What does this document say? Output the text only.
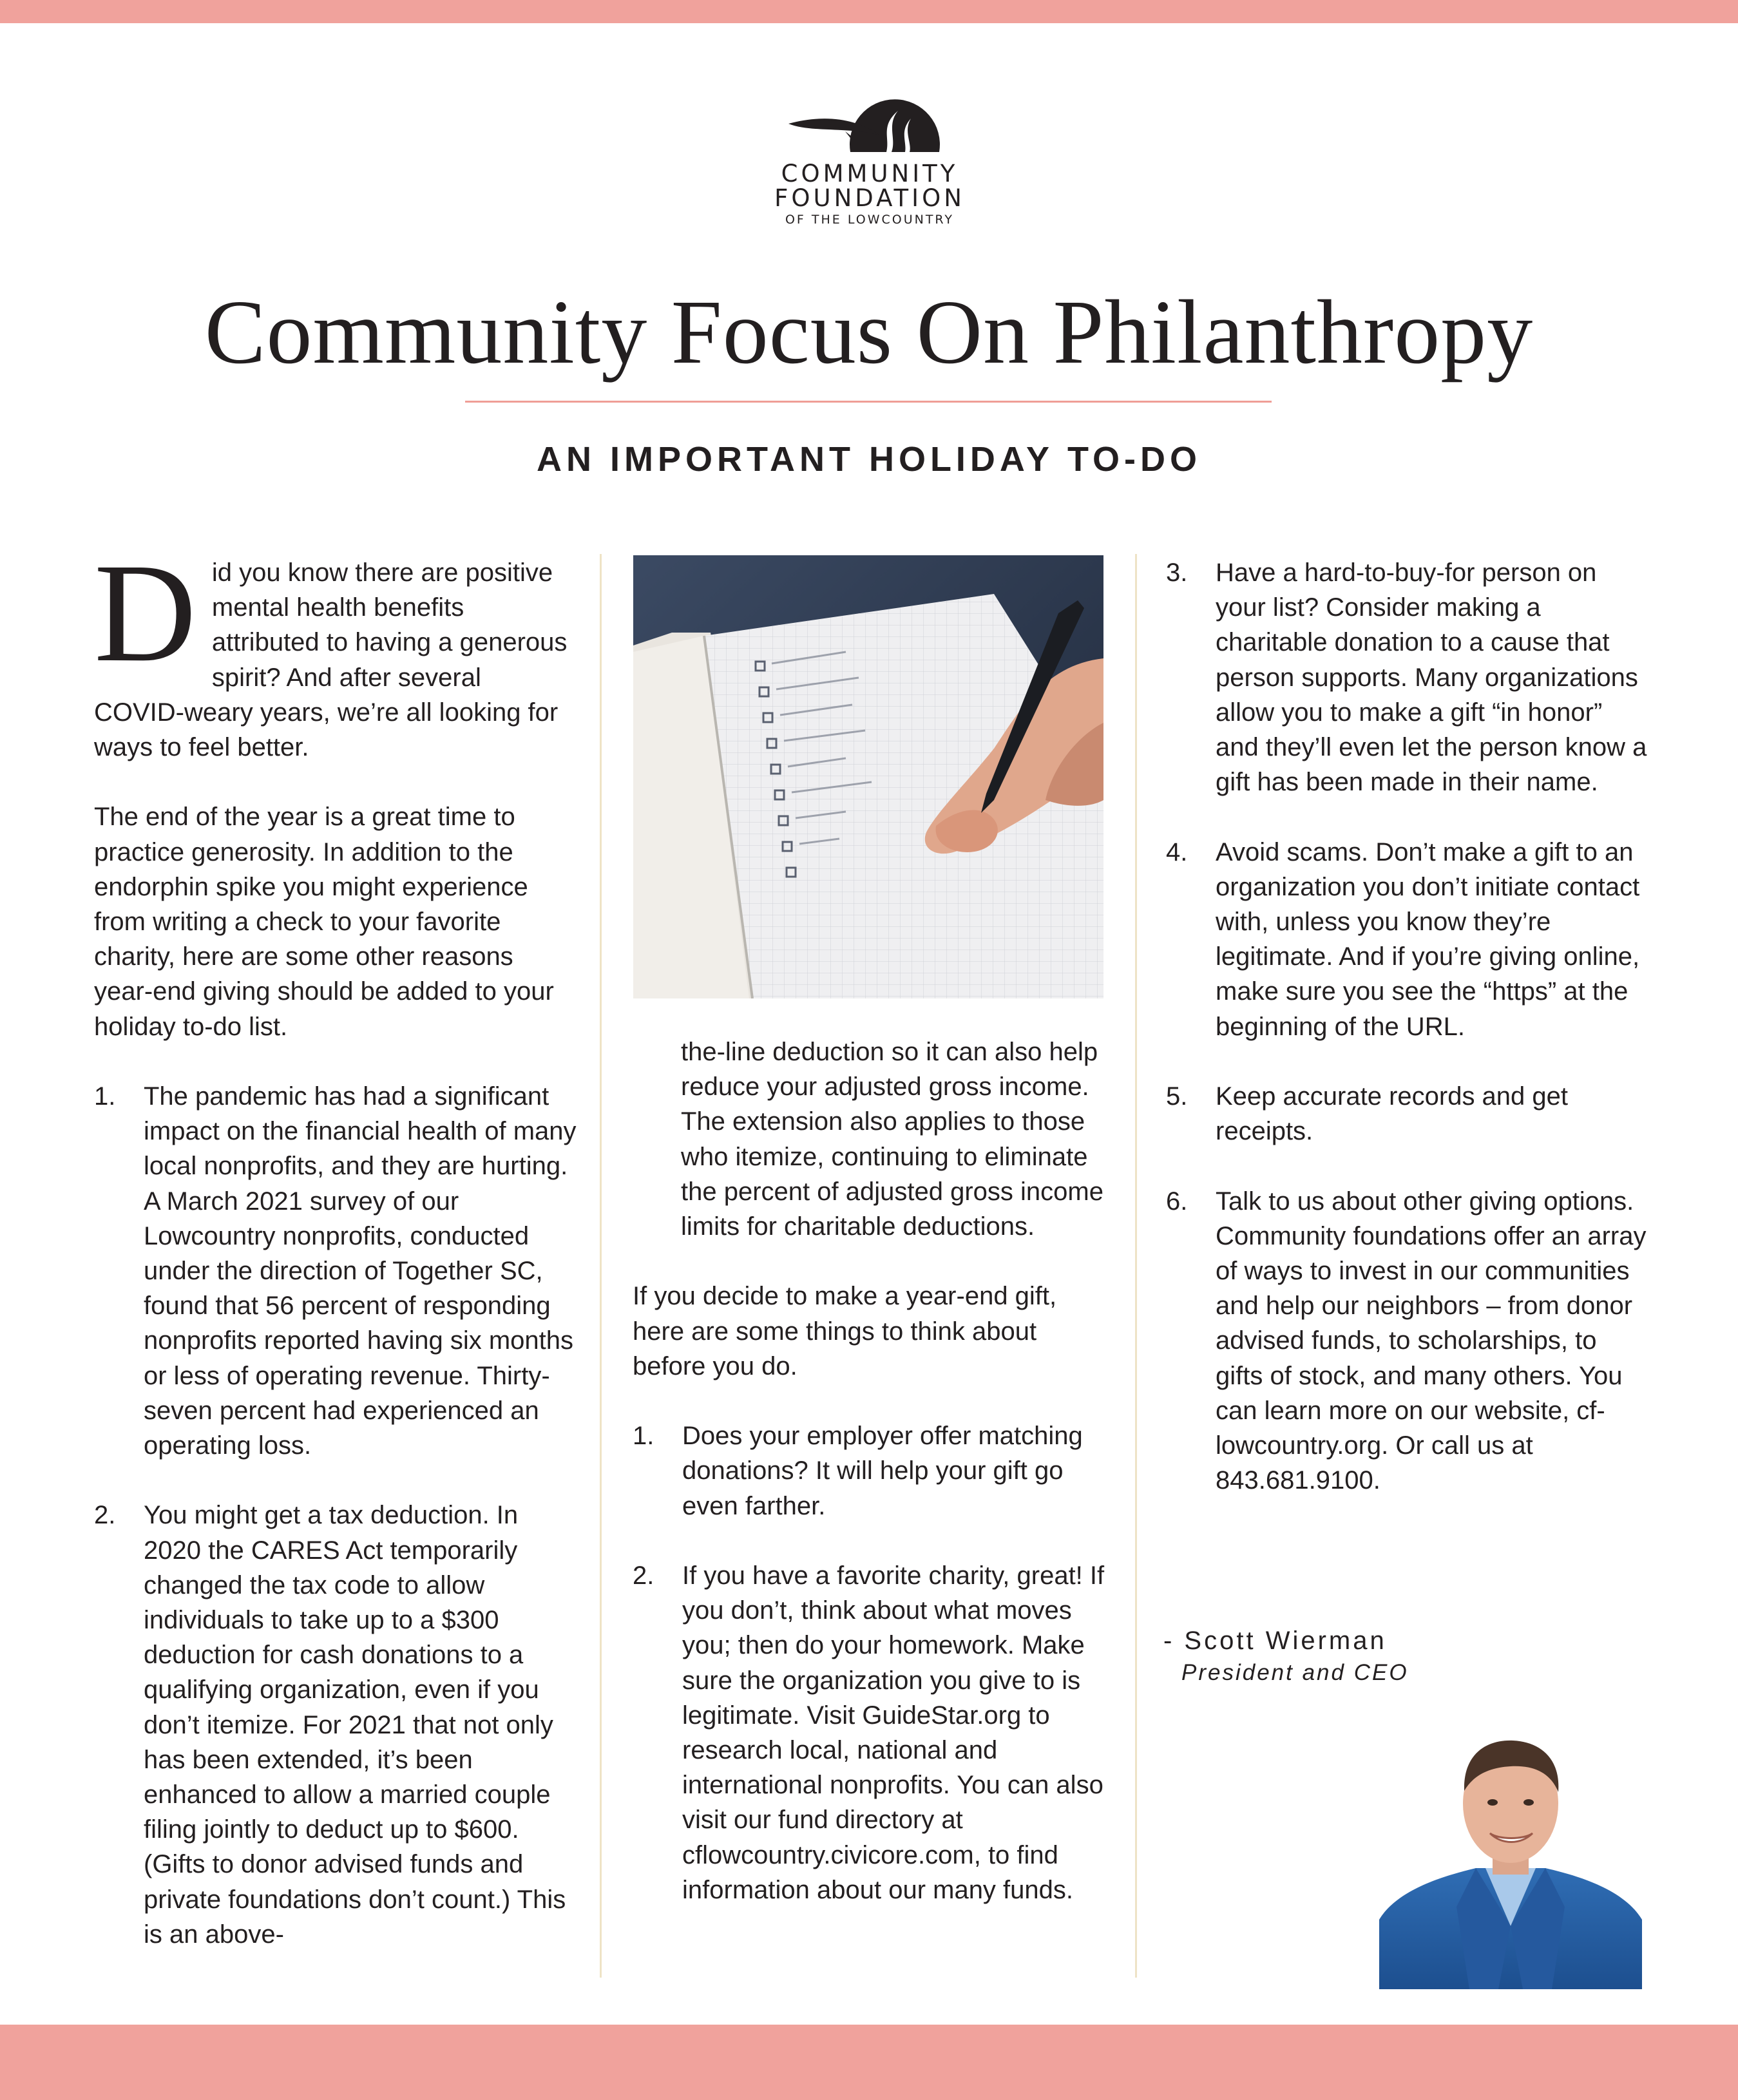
COMMUNITY
FOUNDATION
OF THE LOWCOUNTRY
Community Focus On Philanthropy
AN IMPORTANT HOLIDAY TO-DO

Did you know there are positive mental health benefits attributed to having a generous spirit? And after several COVID-weary years, we’re all looking for ways to feel better.

The end of the year is a great time to practice generosity. In addition to the endorphin spike you might experience from writing a check to your favorite charity, here are some other reasons year-end giving should be added to your holiday to-do list.

1. The pandemic has had a significant impact on the financial health of many local nonprofits, and they are hurting. A March 2021 survey of our Lowcountry nonprofits, conducted under the direction of Together SC, found that 56 percent of responding nonprofits reported having six months or less of operating revenue. Thirty-seven percent had experienced an operating loss.
2. You might get a tax deduction. In 2020 the CARES Act temporarily changed the tax code to allow individuals to take up to a $300 deduction for cash donations to a qualifying organization, even if you don’t itemize. For 2021 that not only has been extended, it’s been enhanced to allow a married couple filing jointly to deduct up to $600. (Gifts to donor advised funds and private foundations don’t count.) This is an above-

the-line deduction so it can also help reduce your adjusted gross income. The extension also applies to those who itemize, continuing to eliminate the percent of adjusted gross income limits for charitable deductions.

If you decide to make a year-end gift, here are some things to think about before you do.

1. Does your employer offer matching donations? It will help your gift go even farther.
2. If you have a favorite charity, great! If you don’t, think about what moves you; then do your homework. Make sure the organization you give to is legitimate. Visit GuideStar.org to research local, national and international nonprofits. You can also visit our fund directory at cflowcountry.civicore.com, to find information about our many funds.
3. Have a hard-to-buy-for person on your list? Consider making a charitable donation to a cause that person supports. Many organizations allow you to make a gift “in honor” and they’ll even let the person know a gift has been made in their name.
4. Avoid scams. Don’t make a gift to an organization you don’t initiate contact with, unless you know they’re legitimate. And if you’re giving online, make sure you see the “https” at the beginning of the URL.
5. Keep accurate records and get receipts.
6. Talk to us about other giving options. Community foundations offer an array of ways to invest in our communities and help our neighbors – from donor advised funds, to scholarships, to gifts of stock, and many others. You can learn more on our website, cf-lowcountry.org. Or call us at 843.681.9100.
- Scott Wierman
President and CEO
